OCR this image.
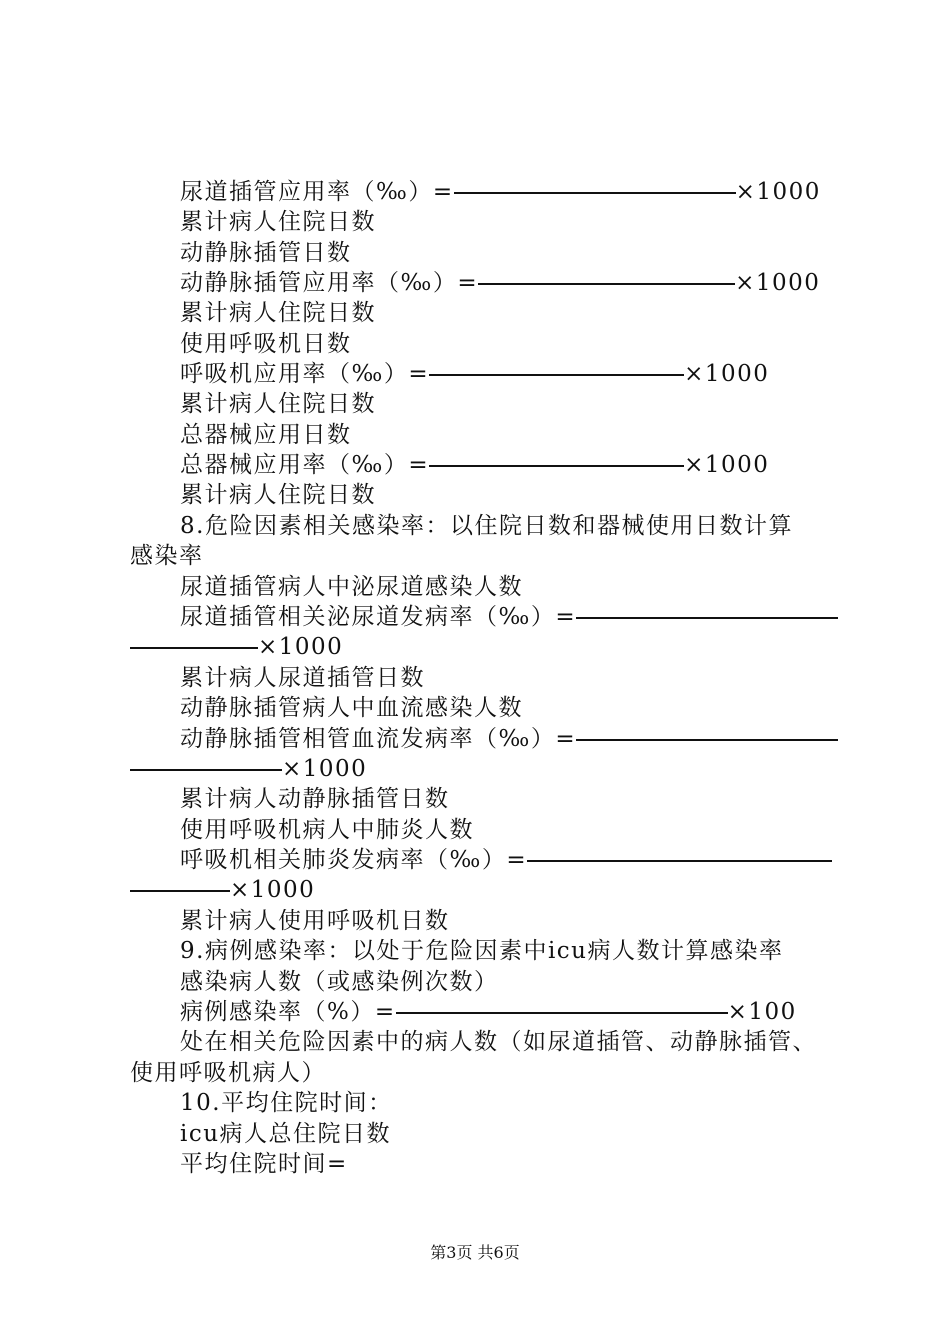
尿道插管应用率（‰）=	×1000
累计病人住院日数
动静脉插管日数
动静脉插管应用率（‰）=	×1000
累计病人住院日数
使用呼吸机日数
呼吸机应用率（‰）=	×1000
累计病人住院日数
总器械应用日数
总器械应用率（‰）=	×1000
累计病人住院日数
8.危险因素相关感染率：以住院日数和器械使用日数计算
感染率
尿道插管病人中泌尿道感染人数
尿道插管相关泌尿道发病率（‰）=
×1000
累计病人尿道插管日数
动静脉插管病人中血流感染人数
动静脉插管相管血流发病率（‰）=
×1000
累计病人动静脉插管日数
使用呼吸机病人中肺炎人数
呼吸机相关肺炎发病率（‰）=
×1000
累计病人使用呼吸机日数
9.病例感染率：以处于危险因素中icu病人数计算感染率
感染病人数（或感染例次数）
病例感染率（%）=	×100
处在相关危险因素中的病人数（如尿道插管、动静脉插管、
使用呼吸机病人）
10.平均住院时间：
icu病人总住院日数
平均住院时间=
第3页 共6页
